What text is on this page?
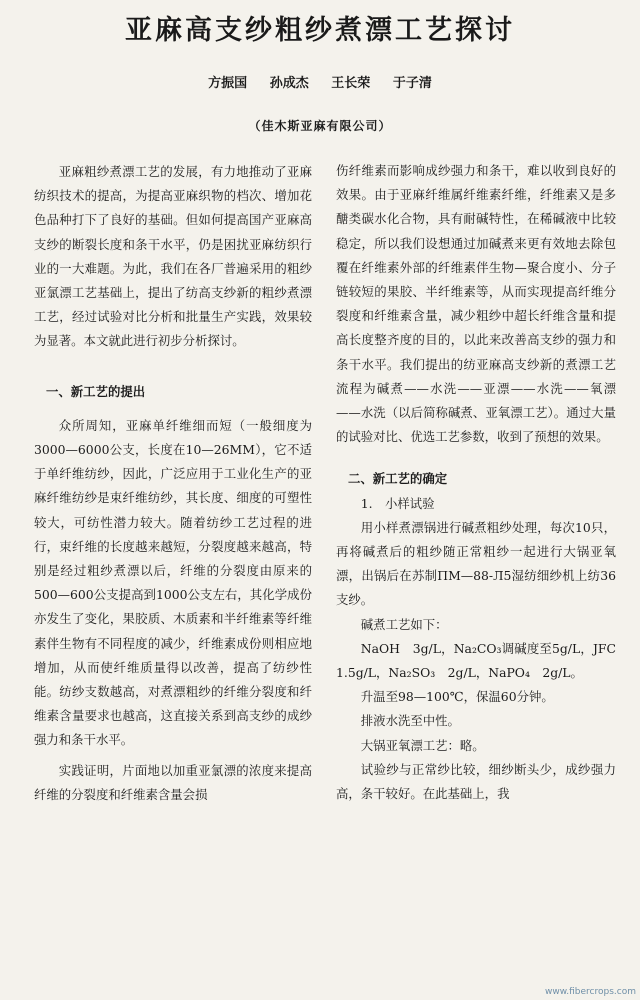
亚麻高支纱粗纱煮漂工艺探讨
方振国 孙成杰 王长荣 于子清
（佳木斯亚麻有限公司）

亚麻粗纱煮漂工艺的发展，有力地推动了亚麻纺织技术的提高，为提高亚麻织物的档次、增加花色品种打下了良好的基础。但如何提高国产亚麻高支纱的断裂长度和条干水平，仍是困扰亚麻纺织行业的一大难题。为此，我们在各厂普遍采用的粗纱亚氯漂工艺基础上，提出了纺高支纱新的粗纱煮漂工艺，经过试验对比分析和批量生产实践，效果较为显著。本文就此进行初步分析探讨。

一、新工艺的提出

众所周知，亚麻单纤维细而短（一般细度为3000—6000公支，长度在10—26MM），它不适于单纤维纺纱，因此，广泛应用于工业化生产的亚麻纤维纺纱是束纤维纺纱，其长度、细度的可塑性较大，可纺性潜力较大。随着纺纱工艺过程的进行，束纤维的长度越来越短，分裂度越来越高，特别是经过粗纱煮漂以后，纤维的分裂度由原来的500—600公支提高到1000公支左右，其化学成份亦发生了变化，果胶质、木质素和半纤维素等纤维素伴生物有不同程度的减少，纤维素成份则相应地增加，从而使纤维质量得以改善，提高了纺纱性能。纺纱支数越高，对煮漂粗纱的纤维分裂度和纤维素含量要求也越高，这直接关系到高支纱的成纱强力和条干水平。

实践证明，片面地以加重亚氯漂的浓度来提高纤维的分裂度和纤维素含量会损

伤纤维素而影响成纱强力和条干，难以收到良好的效果。由于亚麻纤维属纤维素纤维，纤维素又是多醣类碳水化合物，具有耐碱特性，在稀碱液中比较稳定，所以我们设想通过加碱煮来更有效地去除包覆在纤维素外部的纤维素伴生物—聚合度小、分子链较短的果胶、半纤维素等，从而实现提高纤维分裂度和纤维素含量，减少粗纱中超长纤维含量和提高长度整齐度的目的，以此来改善高支纱的强力和条干水平。我们提出的纺亚麻高支纱新的煮漂工艺流程为碱煮——水洗——亚漂——水洗——氧漂——水洗（以后简称碱煮、亚氧漂工艺）。通过大量的试验对比、优选工艺参数，收到了预想的效果。

二、新工艺的确定
1.　小样试验

用小样煮漂锅进行碱煮粗纱处理，每次10只，再将碱煮后的粗纱随正常粗纱一起进行大锅亚氧漂，出锅后在苏制ПМ—88-Л5湿纺细纱机上纺36支纱。

碱煮工艺如下：

NaOH　3g/L，Na₂CO₃调碱度至5g/L，JFC　1.5g/L，Na₂SO₃　2g/L，NaPO₄　2g/L。

升温至98—100℃，保温60分钟。

排液水洗至中性。

大锅亚氧漂工艺：略。

试验纱与正常纱比较，细纱断头少，成纱强力高，条干较好。在此基础上，我

www.fibercrops.com
